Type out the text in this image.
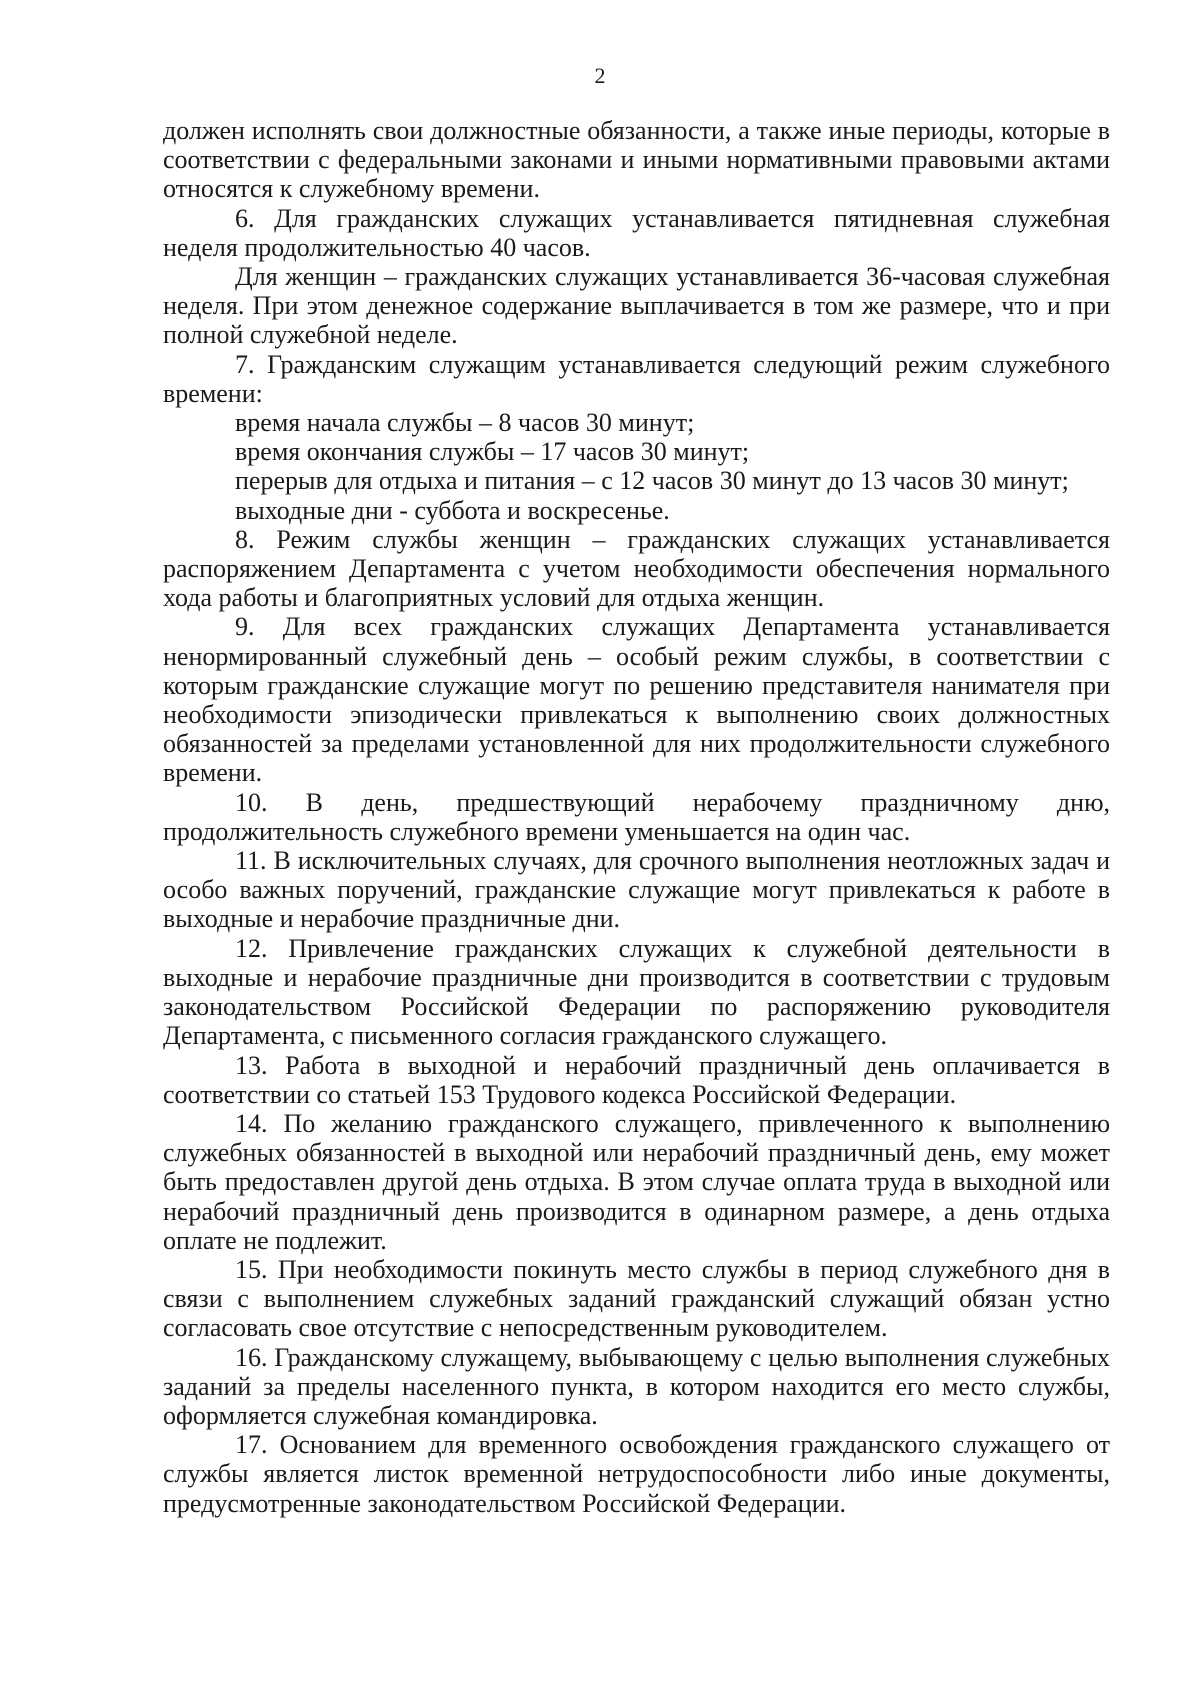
2

должен исполнять свои должностные обязанности, а также иные периоды, которые в соответствии с федеральными законами и иными нормативными правовыми актами относятся к служебному времени.

6. Для гражданских служащих устанавливается пятидневная служебная неделя продолжительностью 40 часов.

Для женщин – гражданских служащих устанавливается 36-часовая служебная неделя. При этом денежное содержание выплачивается в том же размере, что и при полной служебной неделе.

7. Гражданским служащим устанавливается следующий режим служебного времени:

время начала службы – 8 часов 30 минут;

время окончания службы – 17 часов 30 минут;

перерыв для отдыха и питания – с 12 часов 30 минут до 13 часов 30 минут;

выходные дни - суббота и воскресенье.

8. Режим службы женщин – гражданских служащих устанавливается распоряжением Департамента с учетом необходимости обеспечения нормального хода работы и благоприятных условий для отдыха женщин.

9. Для всех гражданских служащих Департамента устанавливается ненормированный служебный день – особый режим службы, в соответствии с которым гражданские служащие могут по решению представителя нанимателя при необходимости эпизодически привлекаться к выполнению своих должностных обязанностей за пределами установленной для них продолжительности служебного времени.

10. В день, предшествующий нерабочему праздничному дню, продолжительность служебного времени уменьшается на один час.

11. В исключительных случаях, для срочного выполнения неотложных задач и особо важных поручений, гражданские служащие могут привлекаться к работе в выходные и нерабочие праздничные дни.

12. Привлечение гражданских служащих к служебной деятельности в выходные и нерабочие праздничные дни производится в соответствии с трудовым законодательством Российской Федерации по распоряжению руководителя Департамента, с письменного согласия гражданского служащего.

13. Работа в выходной и нерабочий праздничный день оплачивается в соответствии со статьей 153 Трудового кодекса Российской Федерации.

14. По желанию гражданского служащего, привлеченного к выполнению служебных обязанностей в выходной или нерабочий праздничный день, ему может быть предоставлен другой день отдыха. В этом случае оплата труда в выходной или нерабочий праздничный день производится в одинарном размере, а день отдыха оплате не подлежит.

15. При необходимости покинуть место службы в период служебного дня в связи с выполнением служебных заданий гражданский служащий обязан устно согласовать свое отсутствие с непосредственным руководителем.

16. Гражданскому служащему, выбывающему с целью выполнения служебных заданий за пределы населенного пункта, в котором находится его место службы, оформляется служебная командировка.

17. Основанием для временного освобождения гражданского служащего от службы является листок временной нетрудоспособности либо иные документы, предусмотренные законодательством Российской Федерации.
